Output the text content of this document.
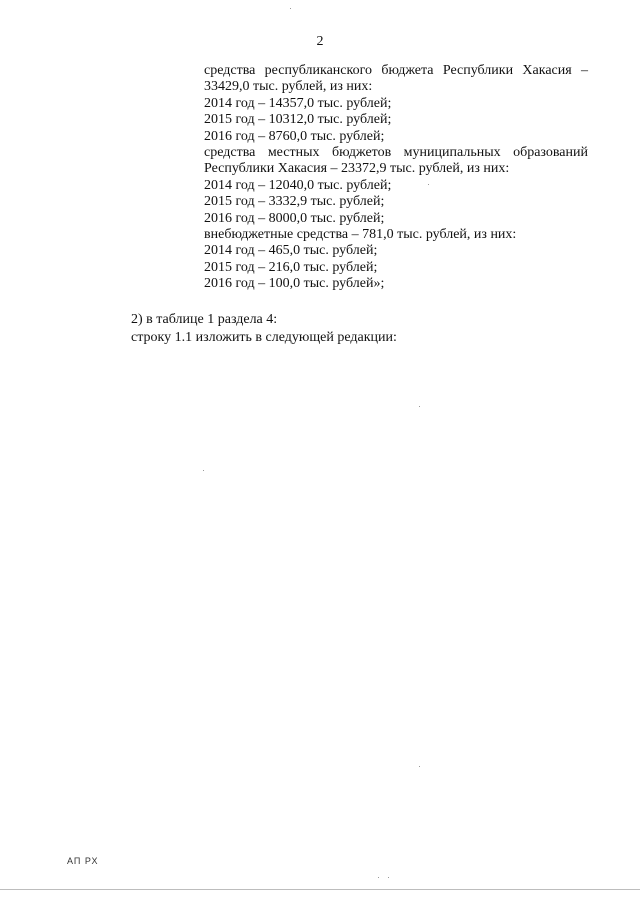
2
средства республиканского бюджета Республики Хакасия –
33429,0 тыс. рублей, из них:
2014 год – 14357,0 тыс. рублей;
2015 год – 10312,0 тыс. рублей;
2016 год – 8760,0 тыс. рублей;
средства местных бюджетов муниципальных образований
Республики Хакасия – 23372,9 тыс. рублей, из них:
2014 год – 12040,0 тыс. рублей;
2015 год – 3332,9 тыс. рублей;
2016 год – 8000,0 тыс. рублей;
внебюджетные средства – 781,0 тыс. рублей, из них:
2014 год – 465,0 тыс. рублей;
2015 год – 216,0 тыс. рублей;
2016 год – 100,0 тыс. рублей»;
2) в таблице 1 раздела 4:
строку 1.1 изложить в следующей редакции:
АП РХ
